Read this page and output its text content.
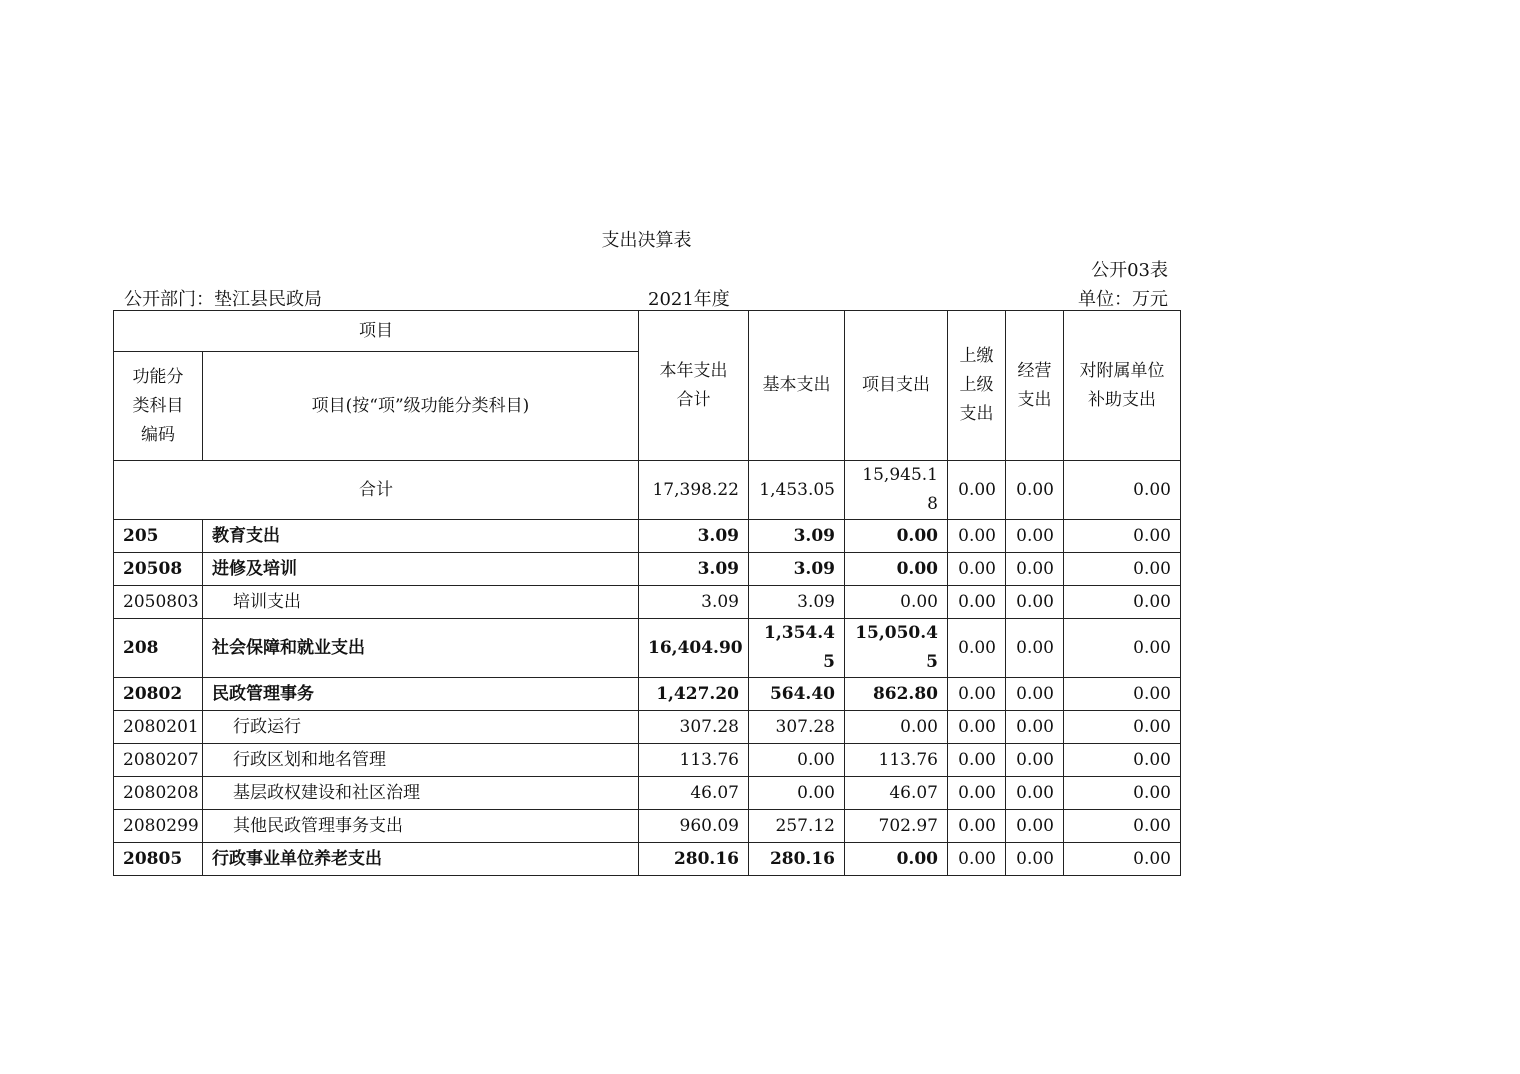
支出决算表
公开03表
公开部门：垫江县民政局	2021年度	单位：万元
项目		本年支出合计	基本支出	项目支出	上缴上级支出	经营支出	对附属单位补助支出
功能分类科目编码	项目(按“项”级功能分类科目)						
合计		17,398.22	1,453.05	15,945.18	0.00	0.00	0.00
205	教育支出	3.09	3.09	0.00	0.00	0.00	0.00
20508	进修及培训	3.09	3.09	0.00	0.00	0.00	0.00
2050803	培训支出	3.09	3.09	0.00	0.00	0.00	0.00
208	社会保障和就业支出	16,404.90	1,354.45	15,050.45	0.00	0.00	0.00
20802	民政管理事务	1,427.20	564.40	862.80	0.00	0.00	0.00
2080201	行政运行	307.28	307.28	0.00	0.00	0.00	0.00
2080207	行政区划和地名管理	113.76	0.00	113.76	0.00	0.00	0.00
2080208	基层政权建设和社区治理	46.07	0.00	46.07	0.00	0.00	0.00
2080299	其他民政管理事务支出	960.09	257.12	702.97	0.00	0.00	0.00
20805	行政事业单位养老支出	280.16	280.16	0.00	0.00	0.00	0.00
